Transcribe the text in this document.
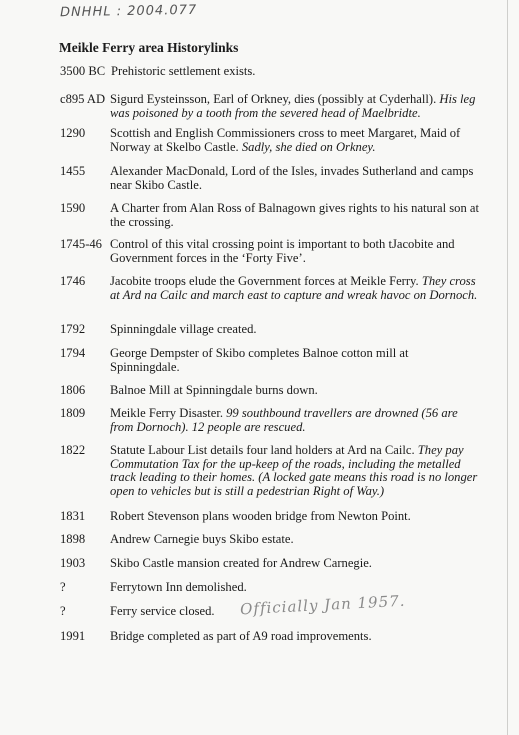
DNHHL : 2004.077
Meikle Ferry area Historylinks
3500 BC Prehistoric settlement exists.
c895 AD Sigurd Eysteinsson, Earl of Orkney, dies (possibly at Cyderhall). His leg was poisoned by a tooth from the severed head of Maelbridte.
1290 Scottish and English Commissioners cross to meet Margaret, Maid of Norway at Skelbo Castle. Sadly, she died on Orkney.
1455 Alexander MacDonald, Lord of the Isles, invades Sutherland and camps near Skibo Castle.
1590 A Charter from Alan Ross of Balnagown gives rights to his natural son at the crossing.
1745-46 Control of this vital crossing point is important to both tJacobite and Government forces in the ‘Forty Five’.
1746 Jacobite troops elude the Government forces at Meikle Ferry. They cross at Ard na Cailc and march east to capture and wreak havoc on Dornoch.
1792 Spinningdale village created.
1794 George Dempster of Skibo completes Balnoe cotton mill at Spinningdale.
1806 Balnoe Mill at Spinningdale burns down.
1809 Meikle Ferry Disaster. 99 southbound travellers are drowned (56 are from Dornoch). 12 people are rescued.
1822 Statute Labour List details four land holders at Ard na Cailc. They pay Commutation Tax for the up-keep of the roads, including the metalled track leading to their homes. (A locked gate means this road is no longer open to vehicles but is still a pedestrian Right of Way.)
1831 Robert Stevenson plans wooden bridge from Newton Point.
1898 Andrew Carnegie buys Skibo estate.
1903 Skibo Castle mansion created for Andrew Carnegie.
?	Ferrytown Inn demolished.
?	Ferry service closed.
1991 Bridge completed as part of A9 road improvements.
Officially Jan 1957.
